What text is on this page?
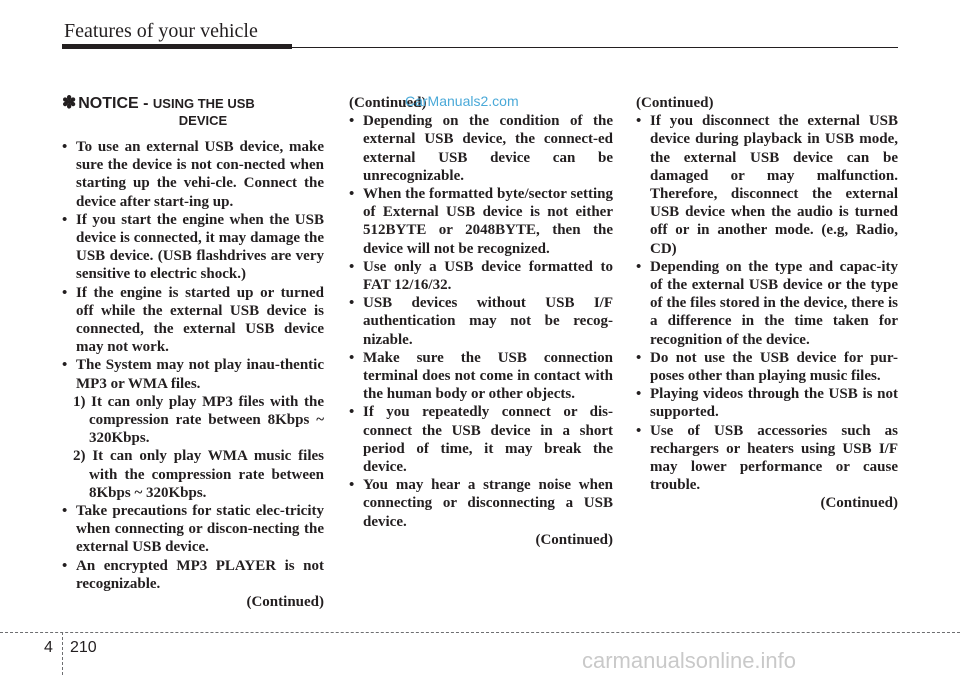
Features of your vehicle
✽ NOTICE - USING THE USB
DEVICE
• To use an external USB device, make sure the device is not con-nected when starting up the vehi-cle. Connect the device after start-ing up.
• If you start the engine when the USB device is connected, it may damage the USB device. (USB flashdrives are very sensitive to electric shock.)
• If the engine is started up or turned off while the external USB device is connected, the external USB device may not work.
• The System may not play inau-thentic MP3 or WMA files.
1) It can only play MP3 files with the compression rate between 8Kbps ~ 320Kbps.
2) It can only play WMA music files with the compression rate between 8Kbps ~ 320Kbps.
• Take precautions for static elec-tricity when connecting or discon-necting the external USB device.
• An encrypted MP3 PLAYER is not recognizable.
(Continued)
(Continued)
• Depending on the condition of the external USB device, the connect-ed external USB device can be unrecognizable.
• When the formatted byte/sector setting of External USB device is not either 512BYTE or 2048BYTE, then the device will not be recognized.
• Use only a USB device formatted to FAT 12/16/32.
• USB devices without USB I/F authentication may not be recog-nizable.
• Make sure the USB connection terminal does not come in contact with the human body or other objects.
• If you repeatedly connect or dis-connect the USB device in a short period of time, it may break the device.
• You may hear a strange noise when connecting or disconnecting a USB device.
(Continued)
(Continued)
• If you disconnect the external USB device during playback in USB mode, the external USB device can be damaged or may malfunction. Therefore, disconnect the external USB device when the audio is turned off or in another mode. (e.g, Radio, CD)
• Depending on the type and capac-ity of the external USB device or the type of the files stored in the device, there is a difference in the time taken for recognition of the device.
• Do not use the USB device for pur-poses other than playing music files.
• Playing videos through the USB is not supported.
• Use of USB accessories such as rechargers or heaters using USB I/F may lower performance or cause trouble.
(Continued)
CarManuals2.com
4 210
carmanualsonline.info
